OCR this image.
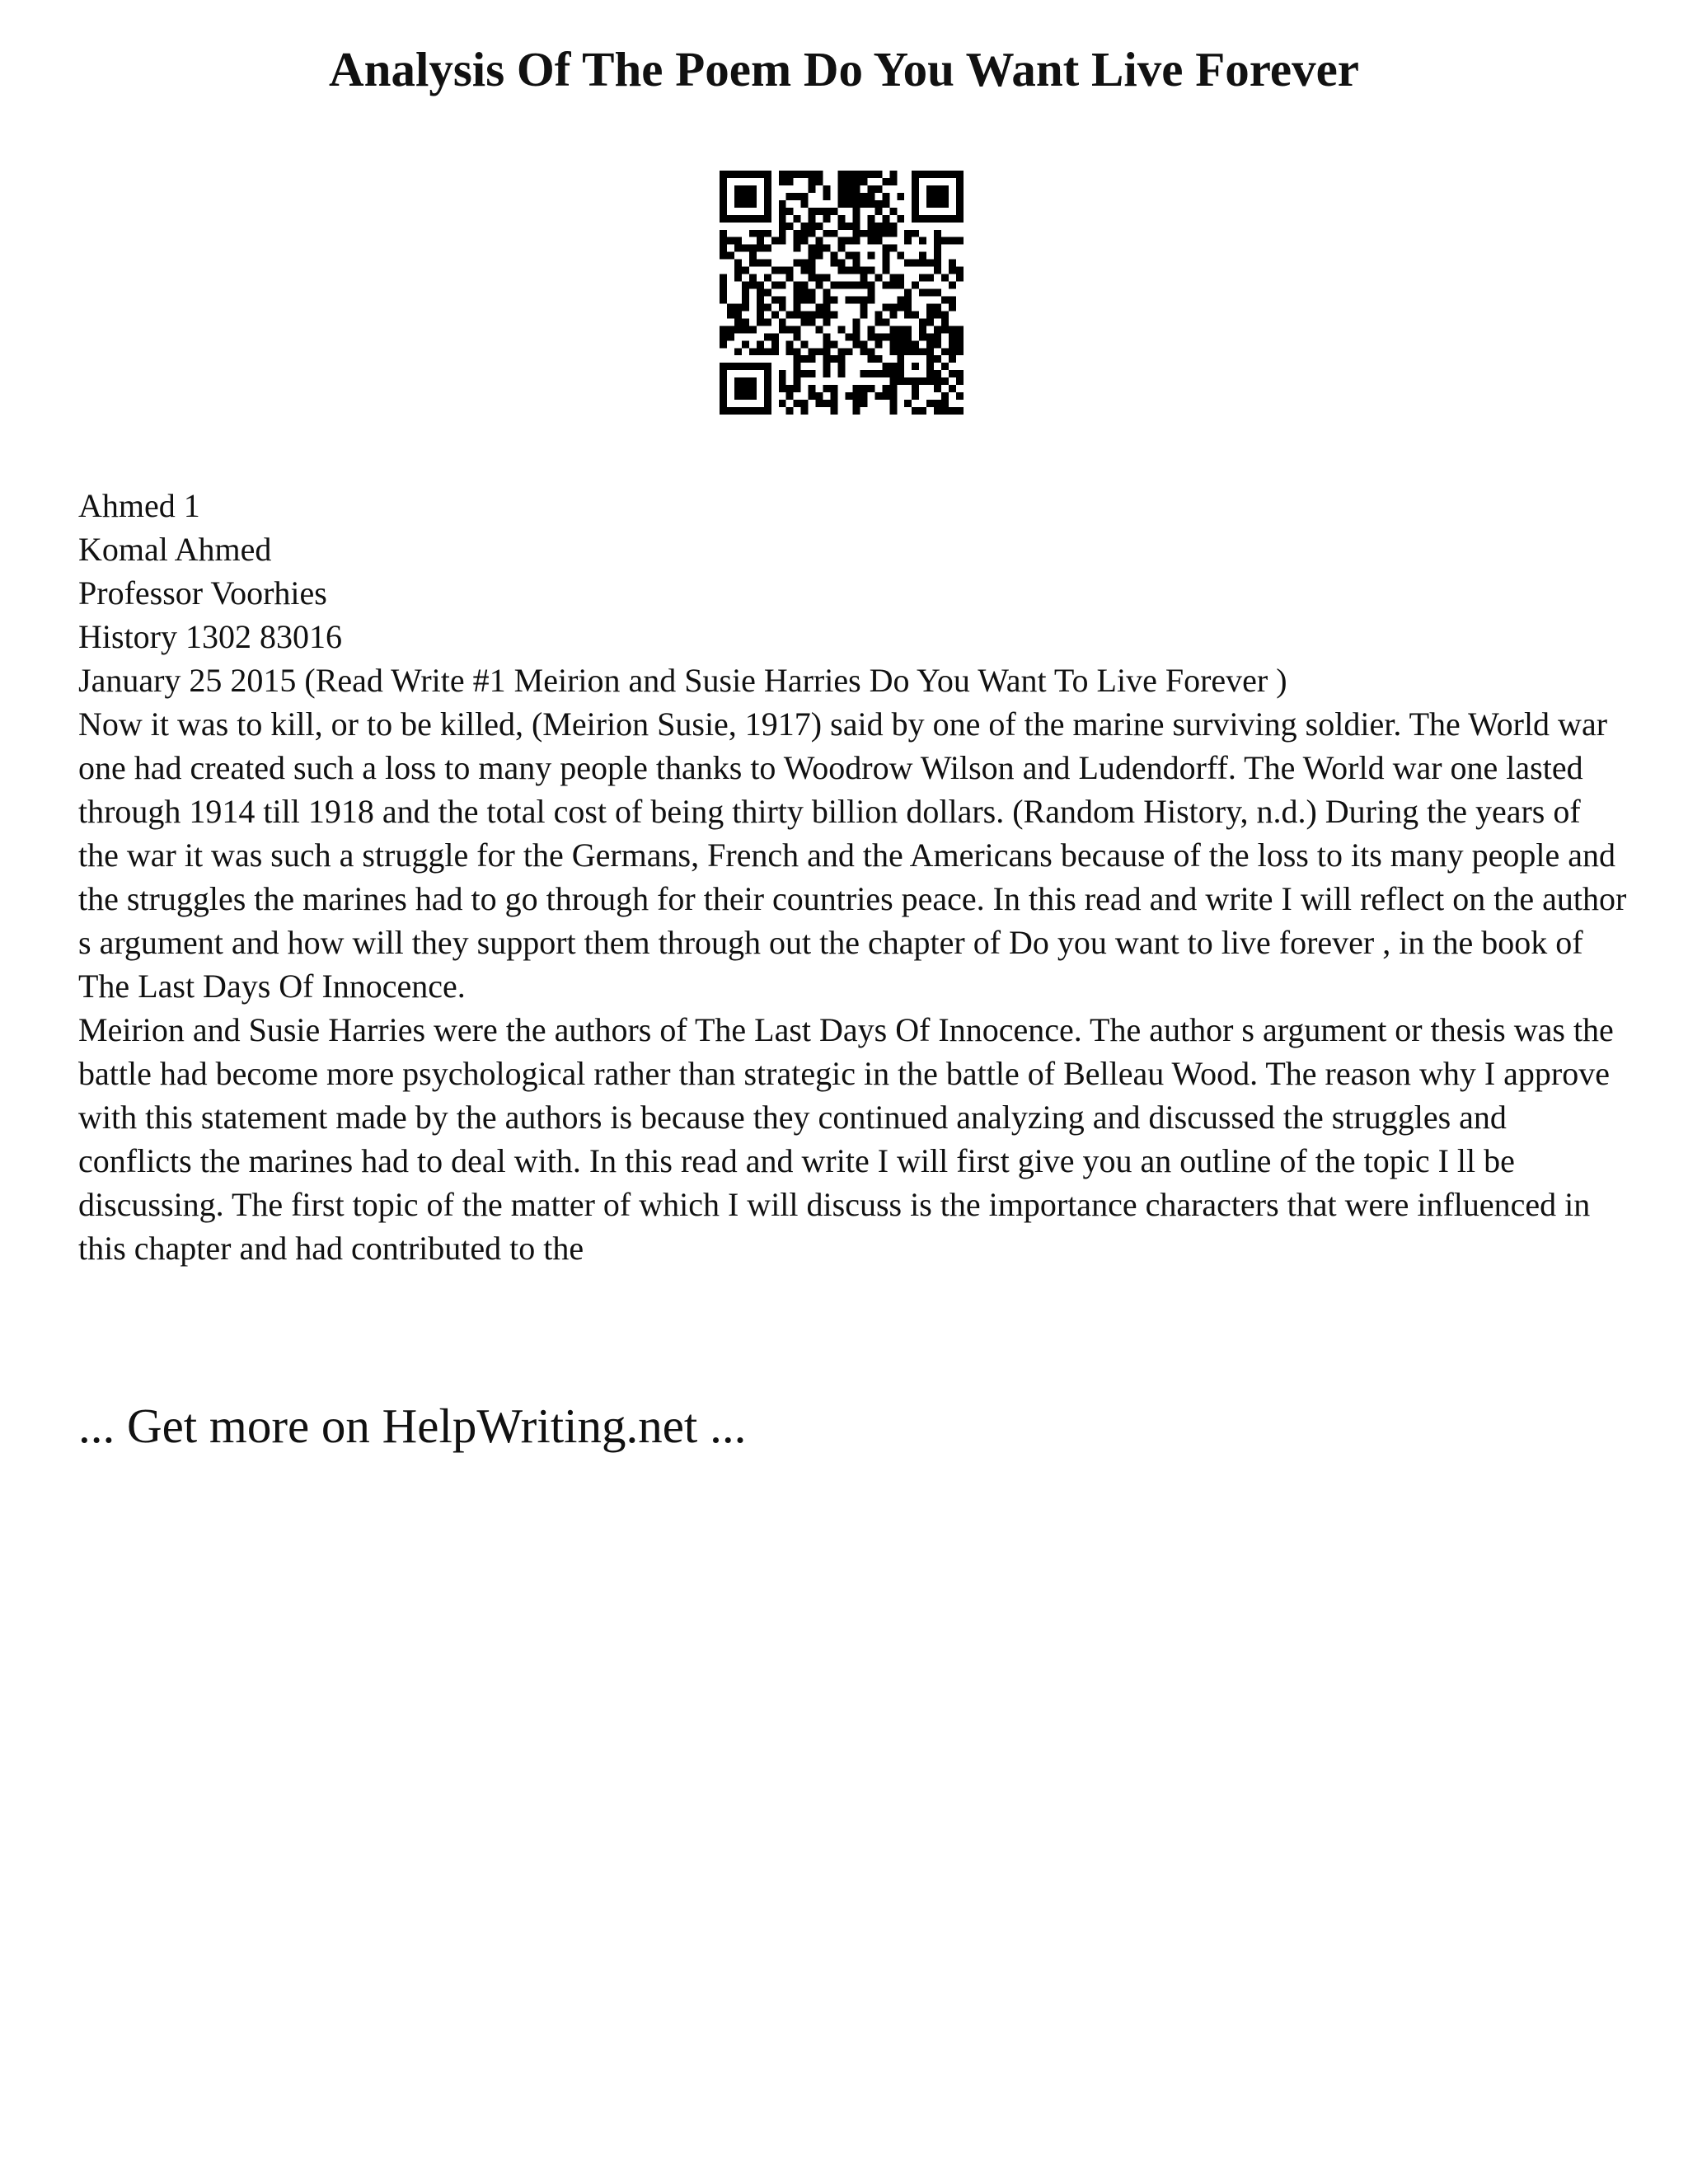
Analysis Of The Poem Do You Want Live Forever

Ahmed 1

Komal Ahmed

Professor Voorhies

History 1302 83016

January 25 2015 (Read Write #1 Meirion and Susie Harries Do You Want To Live Forever )

Now it was to kill, or to be killed, (Meirion Susie, 1917) said by one of the marine surviving soldier. The World war one had created such a loss to many people thanks to Woodrow Wilson and Ludendorff. The World war one lasted through 1914 till 1918 and the total cost of being thirty billion dollars. (Random History, n.d.) During the years of the war it was such a struggle for the Germans, French and the Americans because of the loss to its many people and the struggles the marines had to go through for their countries peace. In this read and write I will reflect on the author s argument and how will they support them through out the chapter of Do you want to live forever , in the book of The Last Days Of Innocence.

Meirion and Susie Harries were the authors of The Last Days Of Innocence. The author s argument or thesis was the battle had become more psychological rather than strategic in the battle of Belleau Wood. The reason why I approve with this statement made by the authors is because they continued analyzing and discussed the struggles and conflicts the marines had to deal with. In this read and write I will first give you an outline of the topic I ll be discussing. The first topic of the matter of which I will discuss is the importance characters that were influenced in this chapter and had contributed to the

... Get more on HelpWriting.net ...
